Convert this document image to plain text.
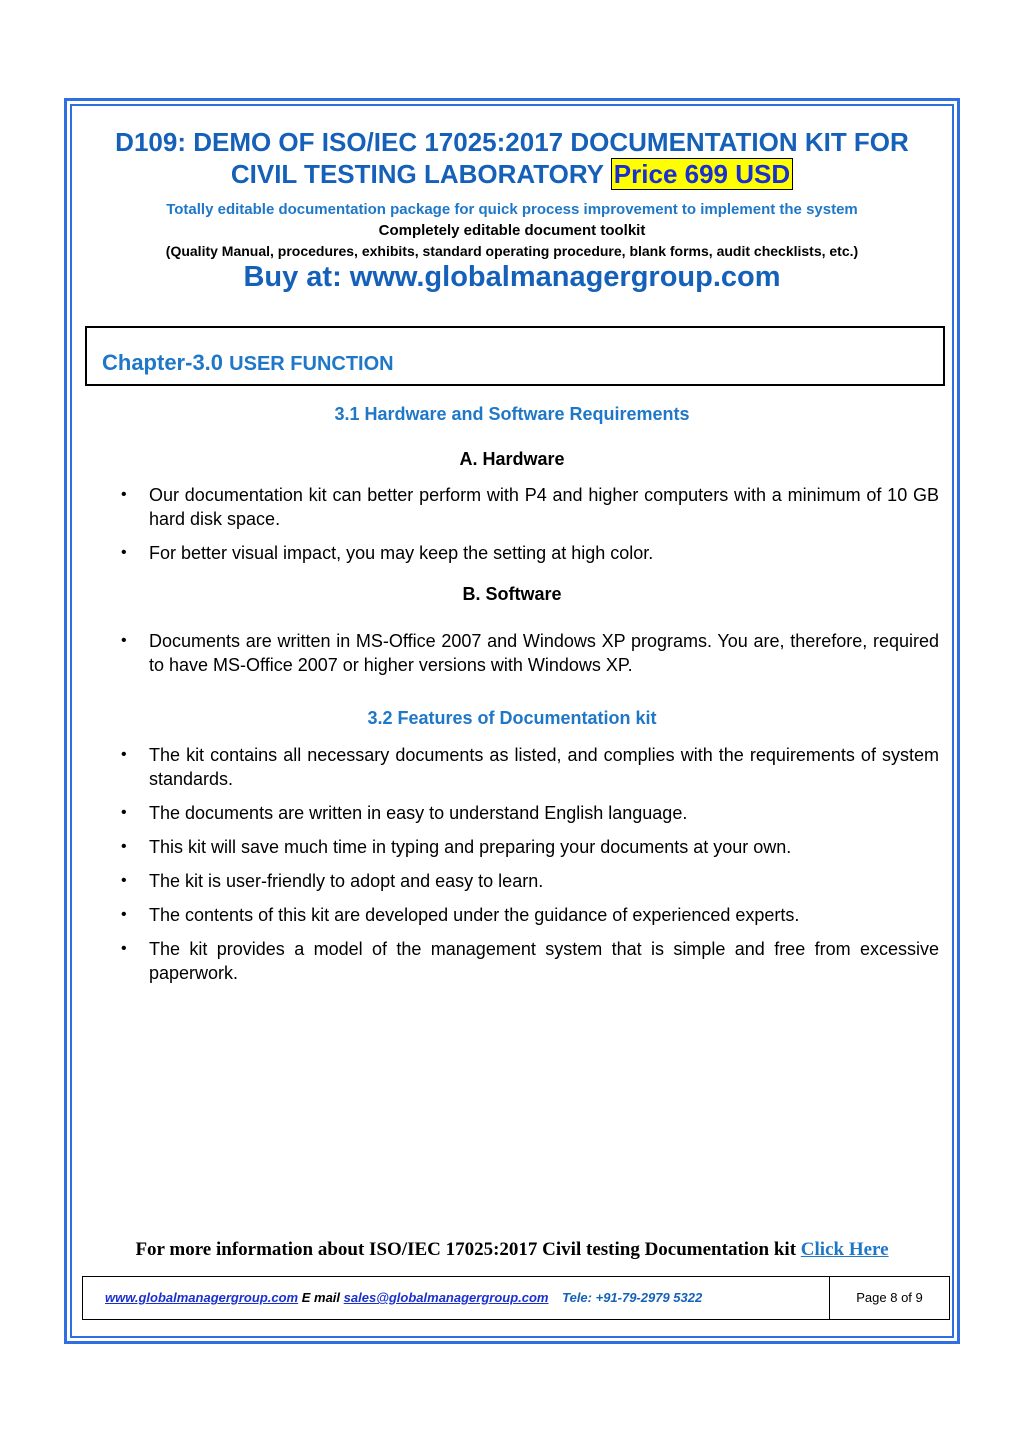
D109: DEMO OF ISO/IEC 17025:2017 DOCUMENTATION KIT FOR
CIVIL TESTING LABORATORY Price 699 USD
Totally editable documentation package for quick process improvement to implement the system
Completely editable document toolkit
(Quality Manual, procedures, exhibits, standard operating procedure, blank forms, audit checklists, etc.)
Buy at: www.globalmanagergroup.com
Chapter-3.0 USER FUNCTION
3.1 Hardware and Software Requirements
A. Hardware
• Our documentation kit can better perform with P4 and higher computers with a minimum of 10 GB hard disk space.
• For better visual impact, you may keep the setting at high color.
B. Software
• Documents are written in MS-Office 2007 and Windows XP programs. You are, therefore, required to have MS-Office 2007 or higher versions with Windows XP.
3.2 Features of Documentation kit
• The kit contains all necessary documents as listed, and complies with the requirements of system standards.
• The documents are written in easy to understand English language.
• This kit will save much time in typing and preparing your documents at your own.
• The kit is user-friendly to adopt and easy to learn.
• The contents of this kit are developed under the guidance of experienced experts.
• The kit provides a model of the management system that is simple and free from excessive paperwork.
For more information about ISO/IEC 17025:2017 Civil testing Documentation kit Click Here
www.globalmanagergroup.com E mail sales@globalmanagergroup.com Tele: +91-79-2979 5322	Page 8 of 9
